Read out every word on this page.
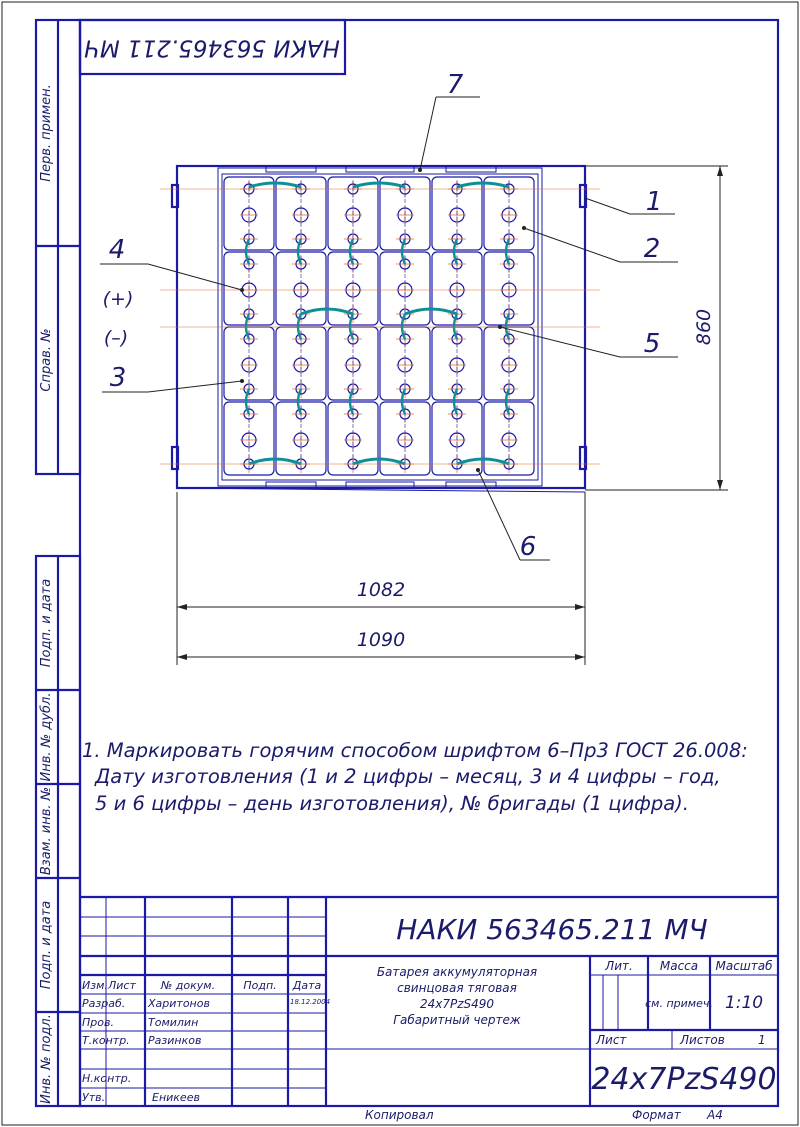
НАКИ 563465.211 МЧ
Перв. примен.
Справ. №
Подп. и дата
Инв. № дубл.
Взам. инв. №
Подп. и дата
Инв. № подл.
860
1082
1090
7
1
2
5
6
4
(+)
(–)
3
1. Маркировать горячим способом шрифтом 6–Пр3 ГОСТ 26.008:
Дату изготовления (1 и 2 цифры – месяц, 3 и 4 цифры – год,
5 и 6 цифры – день изготовления), № бригады (1 цифра).
Изм. Лист № докум.	Подп. Дата
Разраб. Харитонов	18.12.2004
Пров.	Томилин
Т.контр. Разинков
Н.контр.
Утв.	Еникеев
НАКИ 563465.211 МЧ
Батарея аккумуляторная
свинцовая тяговая
24x7PzS490
Габаритный чертеж
Лит. Масса Масштаб
см. примеч. 1:10
Лист	Листов	1
24x7PzS490
Копировал	Формат A4
